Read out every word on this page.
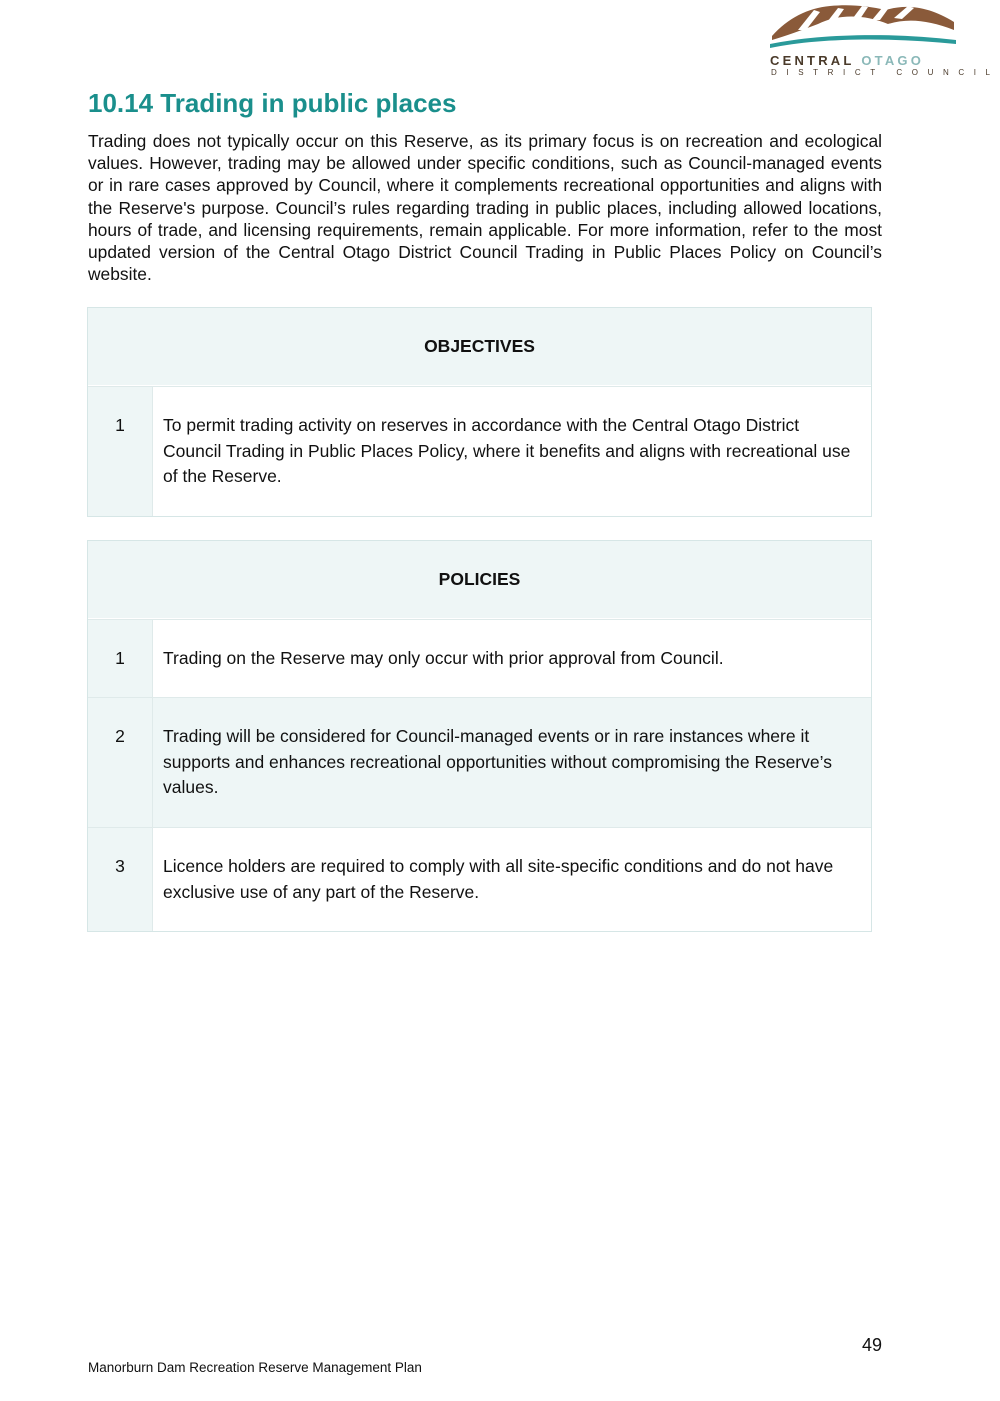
CENTRAL OTAGO
DISTRICT COUNCIL
10.14 Trading in public places

Trading does not typically occur on this Reserve, as its primary focus is on recreation and ecological values. However, trading may be allowed under specific conditions, such as Council-managed events or in rare cases approved by Council, where it complements recreational opportunities and aligns with the Reserve's purpose. Council’s rules regarding trading in public places, including allowed locations, hours of trade, and licensing requirements, remain applicable. For more information, refer to the most updated version of the Central Otago District Council Trading in Public Places Policy on Council’s website.

OBJECTIVES
1	To permit trading activity on reserves in accordance with the Central Otago District Council Trading in Public Places Policy, where it benefits and aligns with recreational use of the Reserve.
POLICIES
1	Trading on the Reserve may only occur with prior approval from Council.
2	Trading will be considered for Council-managed events or in rare instances where it supports and enhances recreational opportunities without compromising the Reserve’s values.
3	Licence holders are required to comply with all site-specific conditions and do not have exclusive use of any part of the Reserve.
49
Manorburn Dam Recreation Reserve Management Plan
